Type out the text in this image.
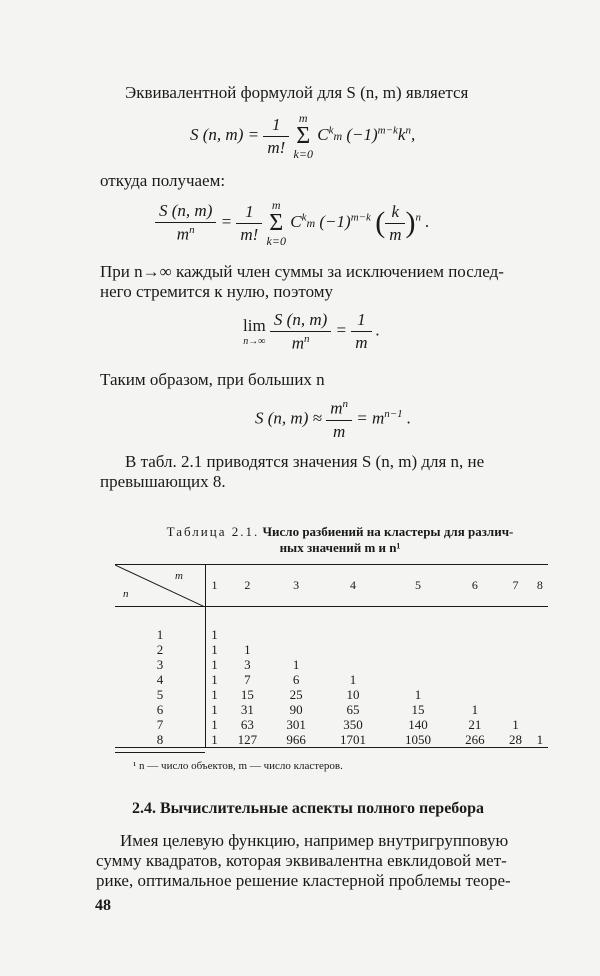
Эквивалентной формулой для S (n, m) является
S (n, $m) = \frac{1}{m!}$ m
Σ
k=0 $C^km$ $(-1)^{m-k}k^n$,
откуда получаем:
$\frac{S (n, m)}{m^n} = \frac{1}{m!}$ m
Σ
k=0 $C^km$ $(-1)^{m-k}$ ( $\frac{k}{m} )^n$ .
При n→∞ каждый член суммы за исключением послед-
него стремится к нулю, поэтому
lim
n→∞
$\frac{S (n, m)}{m^n} = \frac{1}{m}$ .
Таким образом, при больших n
S (n, $m) \approx \frac{m^n}{m} = m^{n-1}$ .
В табл. 2.1 приводятся значения S (n, m) для n, не
превышающих 8.
Таблица 2.1. Число разбиений на кластеры для различ-
ных значений m и n¹
m
n	1	2	3	4	5	6	7	8

1	1							
2	1	1						
3	1	3	1					
4	1	7	6	1				
5	1	15	25	10	1			
6	1	31	90	65	15	1		
7	1	63	301	350	140	21	1	
8	1	127	966	1701	1050	266	28	1
¹ n — число объектов, m — число кластеров.
2.4. Вычислительные аспекты полного перебора
Имея целевую функцию, например внутригрупповую
сумму квадратов, которая эквивалентна евклидовой мет-
рике, оптимальное решение кластерной проблемы теоре-
48
